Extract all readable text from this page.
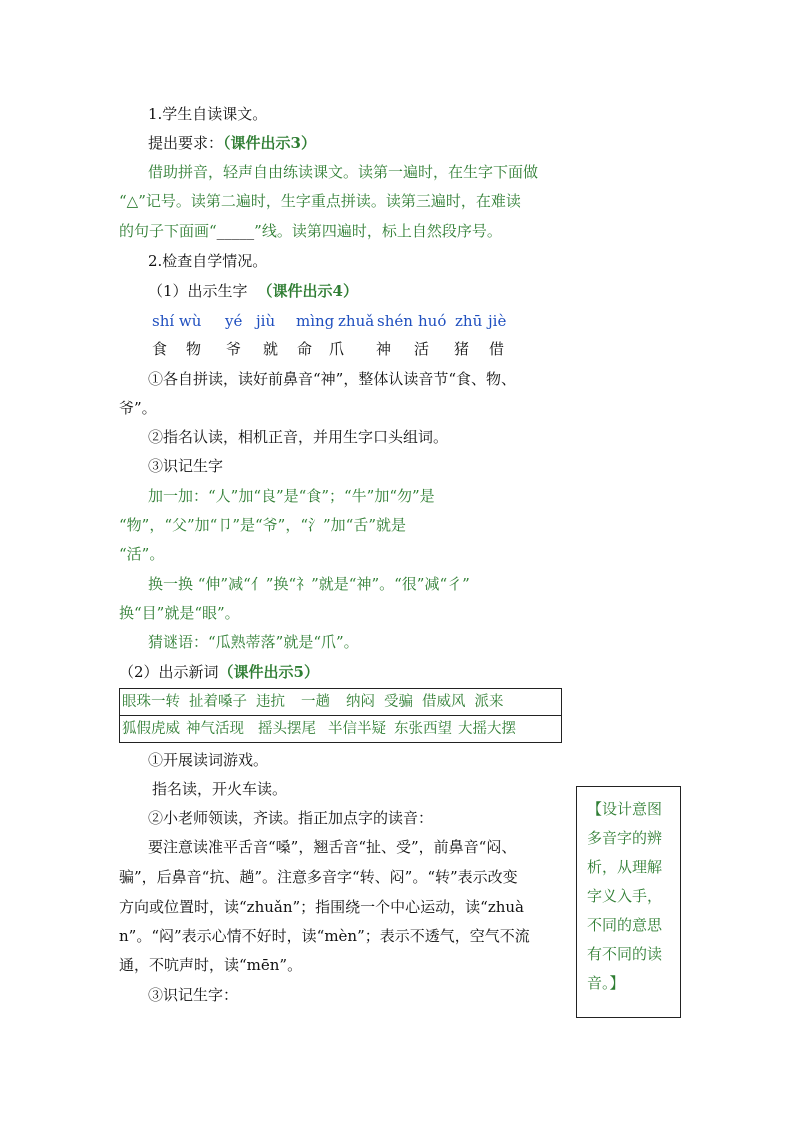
1.学生自读课文。
提出要求：（课件出示3）
借助拼音，轻声自由练读课文。读第一遍时，在生字下面做
“△”记号。读第二遍时，生字重点拼读。读第三遍时，在难读
的句子下面画“_____”线。读第四遍时，标上自然段序号。
2.检查自学情况。
（1）出示生字 （课件出示4）
shí wù yé jiù mìng zhuǎ shén huó zhū jiè
食 物 爷 就 命 爪 神 活 猪 借
①各自拼读，读好前鼻音“神”，整体认读音节“食、物、
爷”。
②指名认读，相机正音，并用生字口头组词。
③识记生字
加一加：“人”加“良”是“食”；“牛”加“勿”是
“物”，“父”加“卩”是“爷”，“氵”加“舌”就是
“活”。
换一换 “伸”减“亻”换“礻”就是“神”。“很”减“彳”
换“目”就是“眼”。
猜谜语：“瓜熟蒂落”就是“爪”。
（2）出示新词（课件出示5）
眼珠一转 扯着嗓子 违抗 一趟 纳闷 受骗 借威风 派来
狐假虎威 神气活现 摇头摆尾 半信半疑 东张西望 大摇大摆
①开展读词游戏。
指名读，开火车读。
②小老师领读，齐读。指正加点字的读音：
要注意读准平舌音“嗓”，翘舌音“扯、受”，前鼻音“闷、
骗”，后鼻音“抗、趟”。注意多音字“转、闷”。“转”表示改变
方向或位置时，读“zhuǎn”；指围绕一个中心运动，读“zhuà
n”。“闷”表示心情不好时，读“mèn”；表示不透气，空气不流
通，不吭声时，读“mēn”。
③识记生字：
【设计意图
多音字的辨
析，从理解
字义入手，
不同的意思
有不同的读
音。】
